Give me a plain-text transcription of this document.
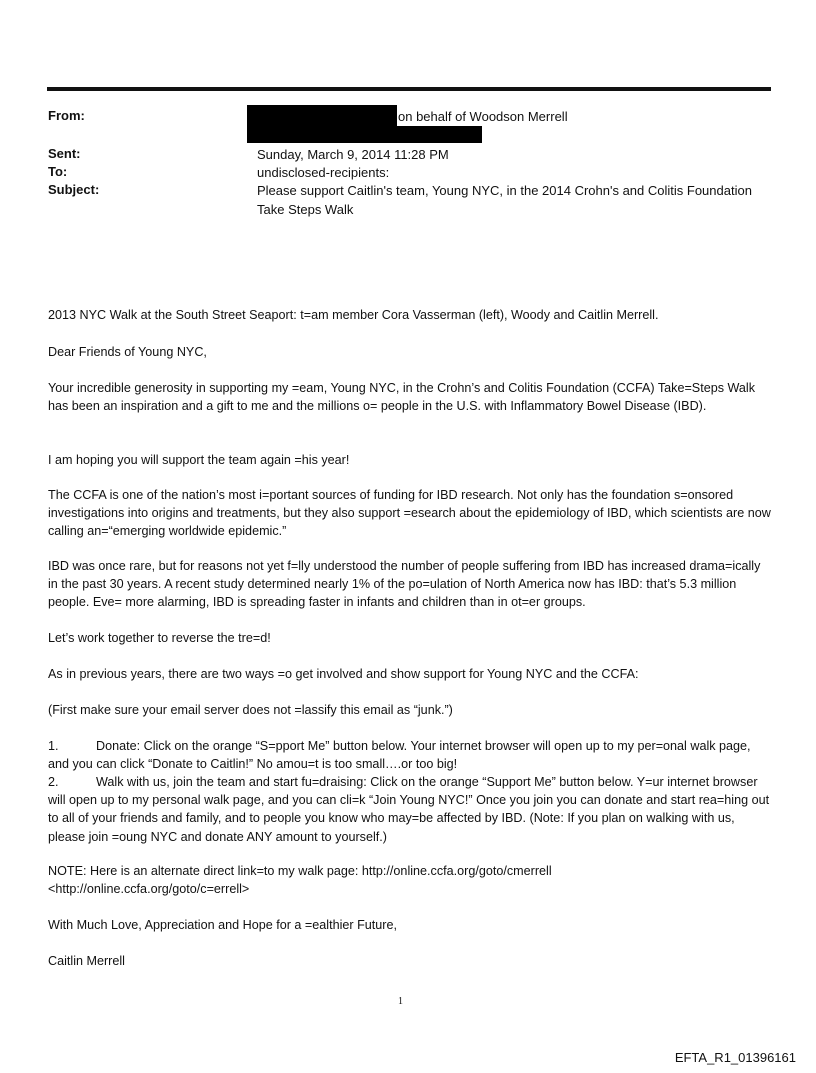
From:	on behalf of Woodson Merrell
Sent:	Sunday, March 9, 2014 11:28 PM
To:	undisclosed-recipients:
Subject:	Please support Caitlin's team, Young NYC, in the 2014 Crohn's and Colitis Foundation
Take Steps Walk
2013 NYC Walk at the South Street Seaport: t=am member Cora Vasserman (left), Woody and Caitlin Merrell.
Dear Friends of Young NYC,
Your incredible generosity in supporting my =eam, Young NYC, in the Crohn’s and Colitis Foundation (CCFA) Take=Steps Walk has been an inspiration and a gift to me and the millions o= people in the U.S. with Inflammatory Bowel Disease (IBD).
I am hoping you will support the team again =his year!
The CCFA is one of the nation’s most i=portant sources of funding for IBD research. Not only has the foundation s=onsored investigations into origins and treatments, but they also support =esearch about the epidemiology of IBD, which scientists are now calling an=“emerging worldwide epidemic.”
IBD was once rare, but for reasons not yet f=lly understood the number of people suffering from IBD has increased drama=ically in the past 30 years. A recent study determined nearly 1% of the po=ulation of North America now has IBD: that’s 5.3 million people. Eve= more alarming, IBD is spreading faster in infants and children than in ot=er groups.
Let’s work together to reverse the tre=d!
As in previous years, there are two ways =o get involved and show support for Young NYC and the CCFA:
(First make sure your email server does not =lassify this email as “junk.”)
1.	Donate: Click on the orange “S=pport Me” button below. Your internet browser will open up to my per=onal walk page, and you can click “Donate to Caitlin!” No amou=t is too small….or too big!
2.	Walk with us, join the team and start fu=draising: Click on the orange “Support Me” button below. Y=ur internet browser will open up to my personal walk page, and you can cli=k “Join Young NYC!” Once you join you can donate and start rea=hing out to all of your friends and family, and to people you know who may=be affected by IBD. (Note: If you plan on walking with us, please join =oung NYC and donate ANY amount to yourself.)
NOTE: Here is an alternate direct link=to my walk page: http://online.ccfa.org/goto/cmerrell <http://online.ccfa.org/goto/c=errell>
With Much Love, Appreciation and Hope for a =ealthier Future,
Caitlin Merrell
1
EFTA_R1_01396161
